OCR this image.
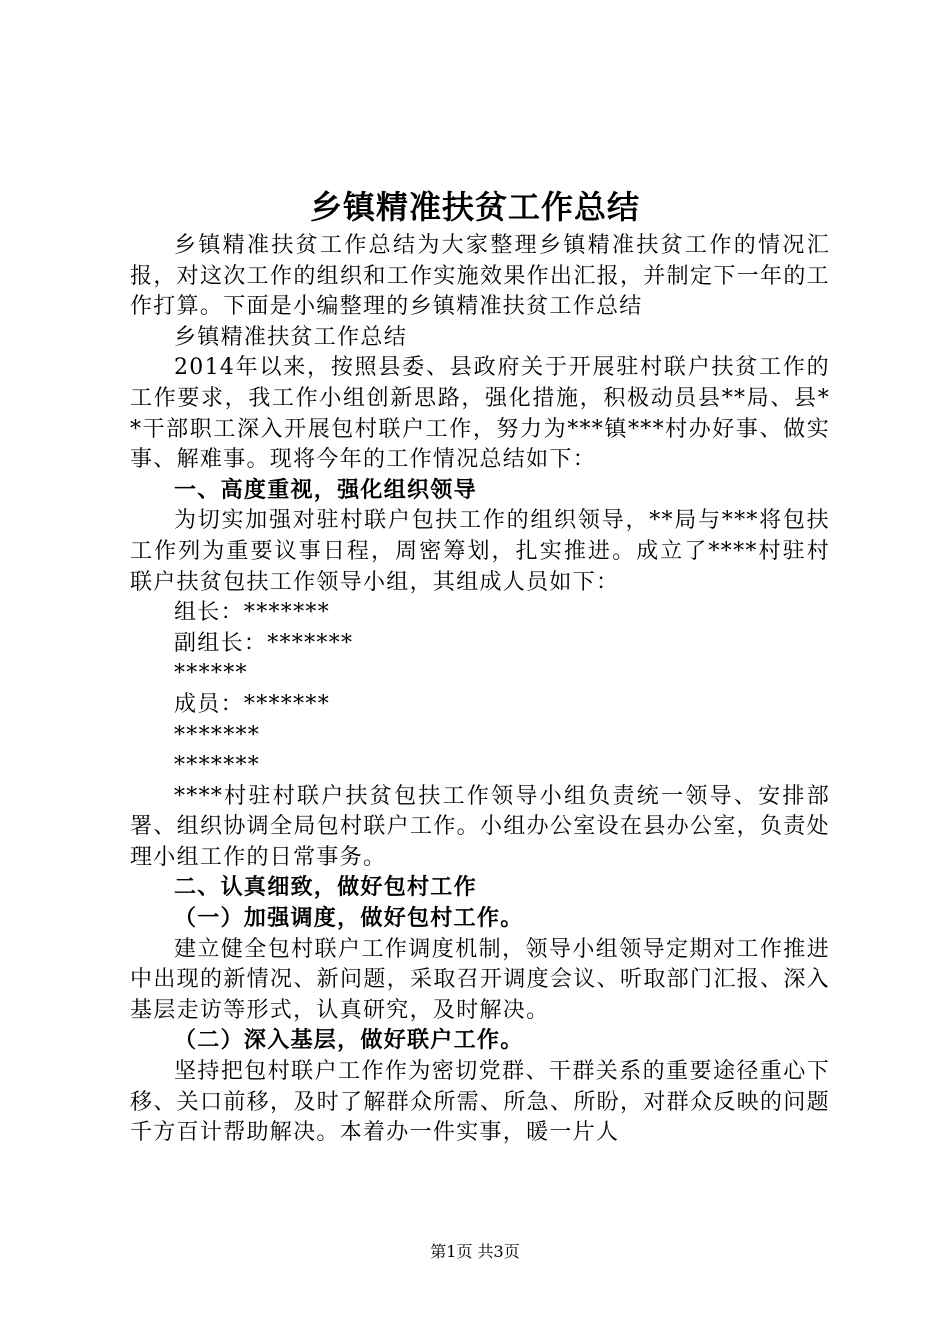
乡镇精准扶贫工作总结

乡镇精准扶贫工作总结为大家整理乡镇精准扶贫工作的情况汇报，对这次工作的组织和工作实施效果作出汇报，并制定下一年的工作打算。下面是小编整理的乡镇精准扶贫工作总结

乡镇精准扶贫工作总结

2014年以来，按照县委、县政府关于开展驻村联户扶贫工作的工作要求，我工作小组创新思路，强化措施，积极动员县**局、县**干部职工深入开展包村联户工作，努力为***镇***村办好事、做实事、解难事。现将今年的工作情况总结如下：

一、高度重视，强化组织领导

为切实加强对驻村联户包扶工作的组织领导，**局与***将包扶工作列为重要议事日程，周密筹划，扎实推进。成立了****村驻村联户扶贫包扶工作领导小组，其组成人员如下：

组长：*******

副组长：*******

******

成员：*******

*******

*******

****村驻村联户扶贫包扶工作领导小组负责统一领导、安排部署、组织协调全局包村联户工作。小组办公室设在县办公室，负责处理小组工作的日常事务。

二、认真细致，做好包村工作

（一）加强调度，做好包村工作。

建立健全包村联户工作调度机制，领导小组领导定期对工作推进中出现的新情况、新问题，采取召开调度会议、听取部门汇报、深入基层走访等形式，认真研究，及时解决。

（二）深入基层，做好联户工作。

坚持把包村联户工作作为密切党群、干群关系的重要途径重心下移、关口前移，及时了解群众所需、所急、所盼，对群众反映的问题千方百计帮助解决。本着办一件实事，暖一片人

第1页 共3页
